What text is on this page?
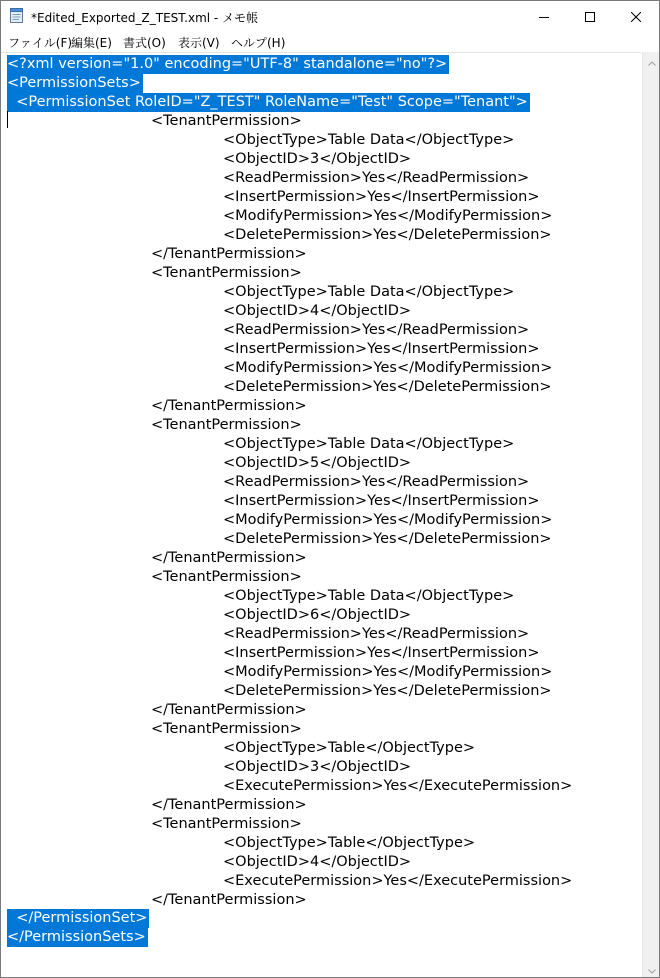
*Edited_Exported_Z_TEST.xml - メモ帳
ファイル(F)
編集(E) 書式(O) 表示(V) ヘルプ(H)
<?xml version="1.0" encoding="UTF-8" standalone="no"?>
<PermissionSets>
<PermissionSet RoleID="Z_TEST" RoleName="Test" Scope="Tenant">
<TenantPermission>
<ObjectType>Table Data</ObjectType>
<ObjectID>3</ObjectID>
<ReadPermission>Yes</ReadPermission>
<InsertPermission>Yes</InsertPermission>
<ModifyPermission>Yes</ModifyPermission>
<DeletePermission>Yes</DeletePermission>
</TenantPermission>
<TenantPermission>
<ObjectType>Table Data</ObjectType>
<ObjectID>4</ObjectID>
<ReadPermission>Yes</ReadPermission>
<InsertPermission>Yes</InsertPermission>
<ModifyPermission>Yes</ModifyPermission>
<DeletePermission>Yes</DeletePermission>
</TenantPermission>
<TenantPermission>
<ObjectType>Table Data</ObjectType>
<ObjectID>5</ObjectID>
<ReadPermission>Yes</ReadPermission>
<InsertPermission>Yes</InsertPermission>
<ModifyPermission>Yes</ModifyPermission>
<DeletePermission>Yes</DeletePermission>
</TenantPermission>
<TenantPermission>
<ObjectType>Table Data</ObjectType>
<ObjectID>6</ObjectID>
<ReadPermission>Yes</ReadPermission>
<InsertPermission>Yes</InsertPermission>
<ModifyPermission>Yes</ModifyPermission>
<DeletePermission>Yes</DeletePermission>
</TenantPermission>
<TenantPermission>
<ObjectType>Table</ObjectType>
<ObjectID>3</ObjectID>
<ExecutePermission>Yes</ExecutePermission>
</TenantPermission>
<TenantPermission>
<ObjectType>Table</ObjectType>
<ObjectID>4</ObjectID>
<ExecutePermission>Yes</ExecutePermission>
</TenantPermission>
</PermissionSet>
</PermissionSets>
